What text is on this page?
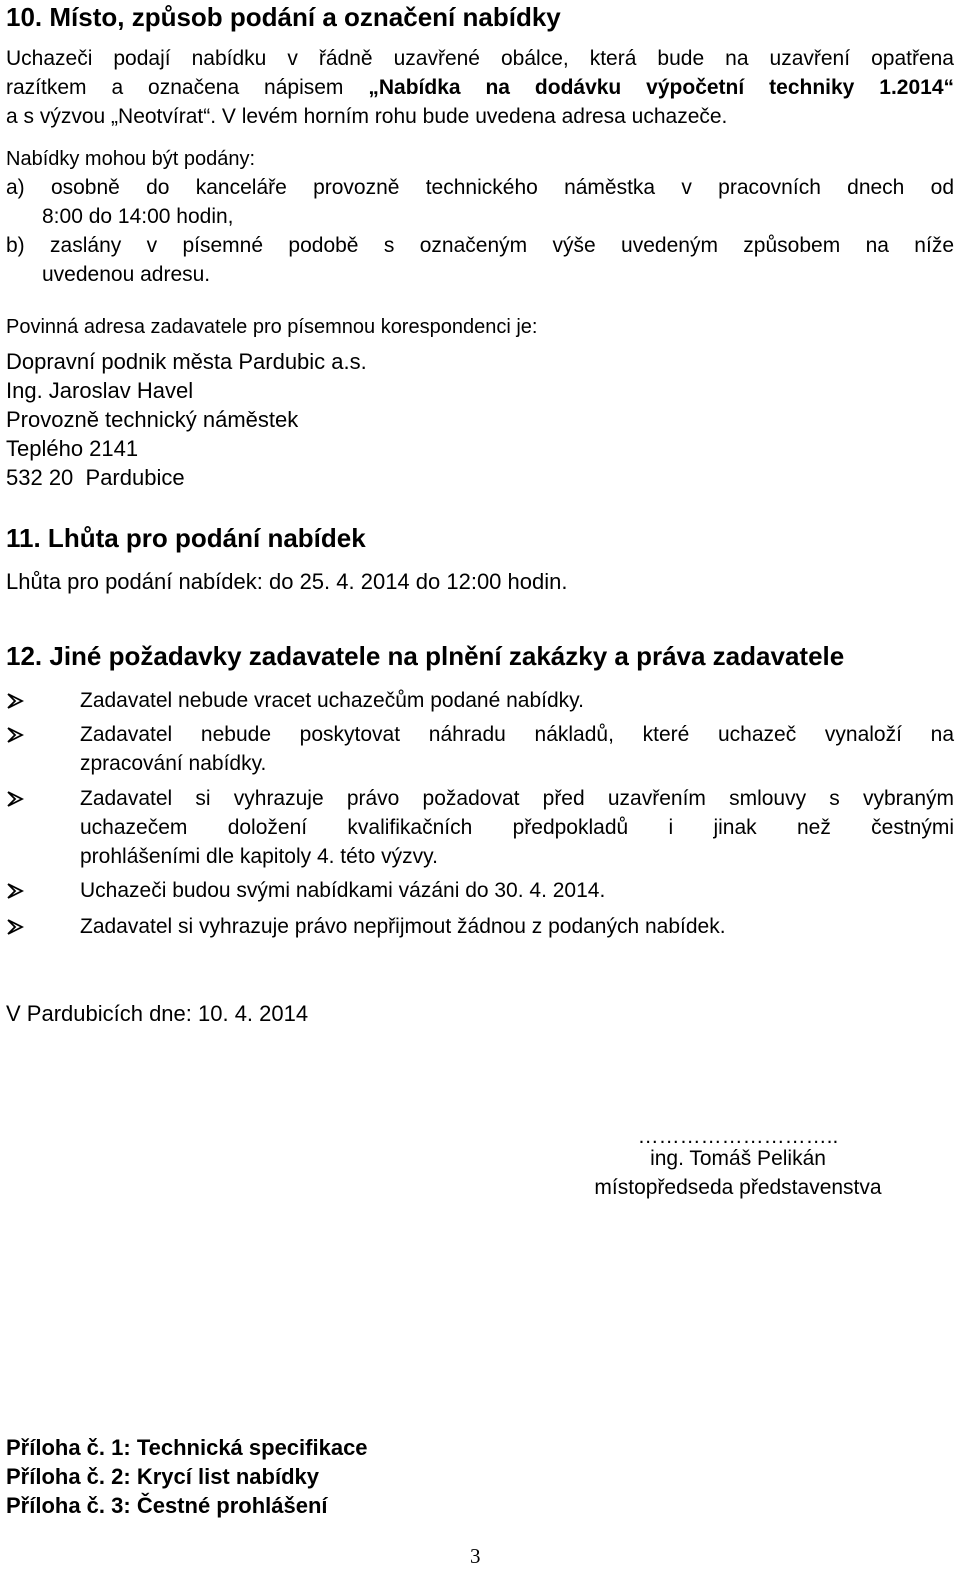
10. Místo, způsob podání a označení nabídky
Uchazeči podají nabídku v řádně uzavřené obálce, která bude na uzavření opatřena
razítkem a označena nápisem „Nabídka na dodávku výpočetní techniky 1.2014“
a s výzvou „Neotvírat“. V levém horním rohu bude uvedena adresa uchazeče.
Nabídky mohou být podány:
a) osobně do kanceláře provozně technického náměstka v pracovních dnech od
8:00 do 14:00 hodin,
b) zaslány v písemné podobě s označeným výše uvedeným způsobem na níže
uvedenou adresu.
Povinná adresa zadavatele pro písemnou korespondenci je:
Dopravní podnik města Pardubic a.s.
Ing. Jaroslav Havel
Provozně technický náměstek
Teplého 2141
532 20  Pardubice
11. Lhůta pro podání nabídek
Lhůta pro podání nabídek: do 25. 4. 2014 do 12:00 hodin.
12. Jiné požadavky zadavatele na plnění zakázky a práva zadavatele
Zadavatel nebude vracet uchazečům podané nabídky.
Zadavatel nebude poskytovat náhradu nákladů, které uchazeč vynaloží na
zpracování nabídky.
Zadavatel si vyhrazuje právo požadovat před uzavřením smlouvy s vybraným
uchazečem doložení kvalifikačních předpokladů i jinak než čestnými
prohlášeními dle kapitoly 4. této výzvy.
Uchazeči budou svými nabídkami vázáni do 30. 4. 2014.
Zadavatel si vyhrazuje právo nepřijmout žádnou z podaných nabídek.
V Pardubicích dne: 10. 4. 2014
………………………..
ing. Tomáš Pelikán
místopředseda představenstva
Příloha č. 1: Technická specifikace
Příloha č. 2: Krycí list nabídky
Příloha č. 3: Čestné prohlášení
3
